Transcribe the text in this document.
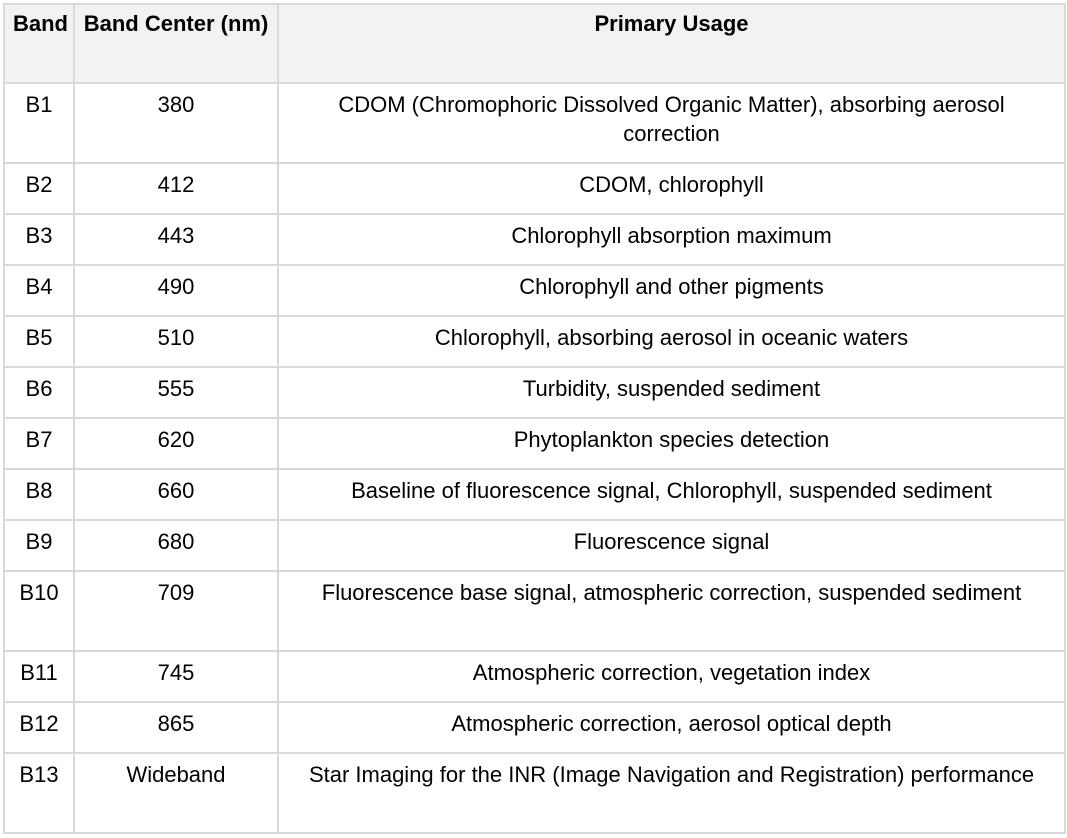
Band	Band Center (nm)	Primary Usage
B1	380	CDOM (Chromophoric Dissolved Organic Matter), absorbing aerosol correction
B2	412	CDOM, chlorophyll
B3	443	Chlorophyll absorption maximum
B4	490	Chlorophyll and other pigments
B5	510	Chlorophyll, absorbing aerosol in oceanic waters
B6	555	Turbidity, suspended sediment
B7	620	Phytoplankton species detection
B8	660	Baseline of fluorescence signal, Chlorophyll, suspended sediment
B9	680	Fluorescence signal
B10	709	Fluorescence base signal, atmospheric correction, suspended sediment
B11	745	Atmospheric correction, vegetation index
B12	865	Atmospheric correction, aerosol optical depth
B13	Wideband	Star Imaging for the INR (Image Navigation and Registration) performance
